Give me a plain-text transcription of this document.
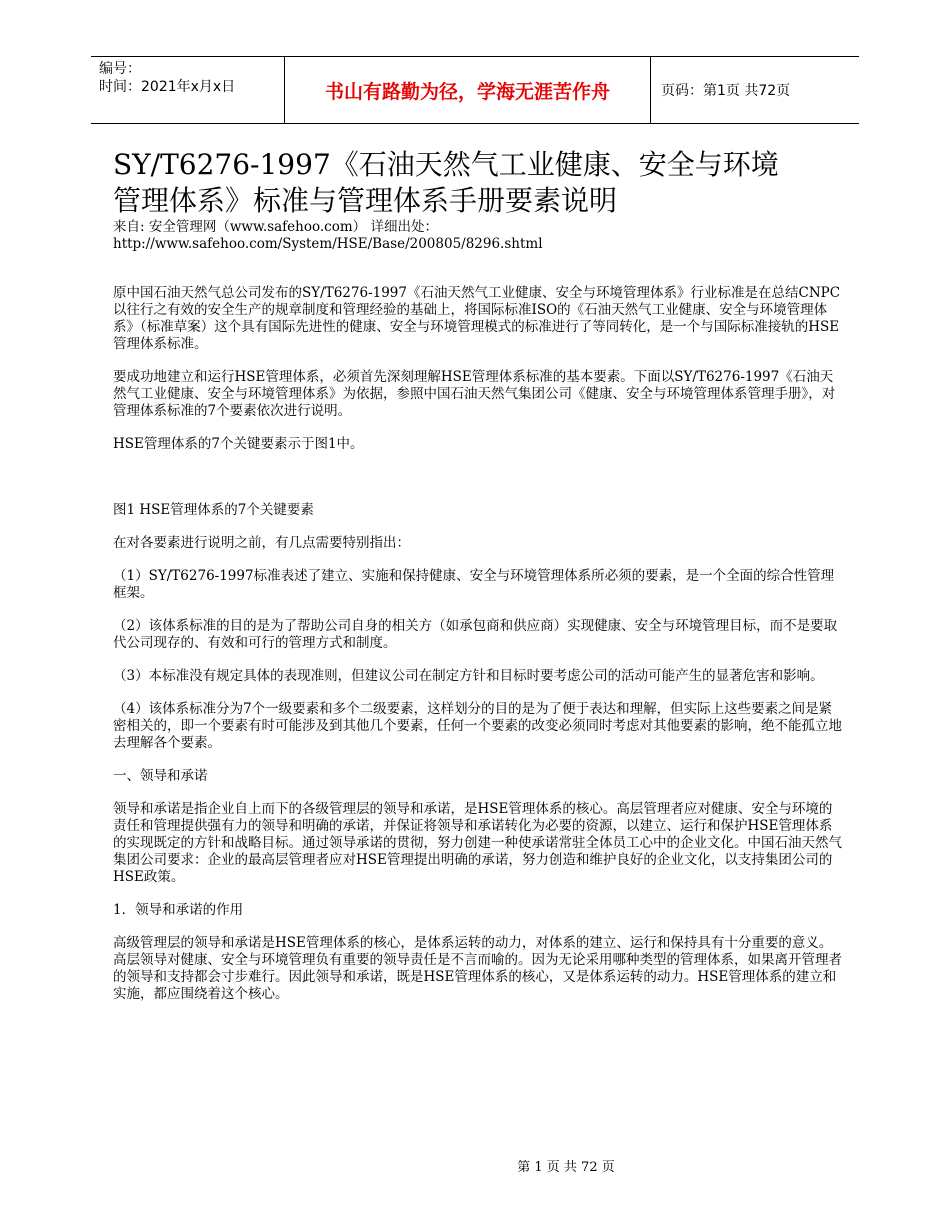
编号：
时间：2021年x月x日	书山有路勤为径，学海无涯苦作舟	页码：第1页 共72页
SY/T6276-1997《石油天然气工业健康、安全与环境
管理体系》标准与管理体系手册要素说明

来自: 安全管理网（www.safehoo.com） 详细出处：

http://www.safehoo.com/System/HSE/Base/200805/8296.shtml

原中国石油天然气总公司发布的SY/T6276-1997《石油天然气工业健康、安全与环境管理体系》行业标准是在总结CNPC以往行之有效的安全生产的规章制度和管理经验的基础上，将国际标准ISO的《石油天然气工业健康、安全与环境管理体系》（标准草案）这个具有国际先进性的健康、安全与环境管理模式的标准进行了等同转化，是一个与国际标准接轨的HSE管理体系标准。

要成功地建立和运行HSE管理体系，必须首先深刻理解HSE管理体系标准的基本要素。下面以SY/T6276-1997《石油天然气工业健康、安全与环境管理体系》为依据，参照中国石油天然气集团公司《健康、安全与环境管理体系管理手册》，对管理体系标准的7个要素依次进行说明。

HSE管理体系的7个关键要素示于图1中。

图1 HSE管理体系的7个关键要素

在对各要素进行说明之前，有几点需要特别指出：

（1）SY/T6276-1997标准表述了建立、实施和保持健康、安全与环境管理体系所必须的要素，是一个全面的综合性管理框架。

（2）该体系标准的目的是为了帮助公司自身的相关方（如承包商和供应商）实现健康、安全与环境管理目标，而不是要取代公司现存的、有效和可行的管理方式和制度。

（3）本标准没有规定具体的表现准则，但建议公司在制定方针和目标时要考虑公司的活动可能产生的显著危害和影响。

（4）该体系标准分为7个一级要素和多个二级要素，这样划分的目的是为了便于表达和理解，但实际上这些要素之间是紧密相关的，即一个要素有时可能涉及到其他几个要素，任何一个要素的改变必须同时考虑对其他要素的影响，绝不能孤立地去理解各个要素。

一、领导和承诺

领导和承诺是指企业自上而下的各级管理层的领导和承诺，是HSE管理体系的核心。高层管理者应对健康、安全与环境的责任和管理提供强有力的领导和明确的承诺，并保证将领导和承诺转化为必要的资源，以建立、运行和保护HSE管理体系的实现既定的方针和战略目标。通过领导承诺的贯彻，努力创建一种使承诺常驻全体员工心中的企业文化。中国石油天然气集团公司要求：企业的最高层管理者应对HSE管理提出明确的承诺，努力创造和维护良好的企业文化，以支持集团公司的HSE政策。

1．领导和承诺的作用

高级管理层的领导和承诺是HSE管理体系的核心，是体系运转的动力，对体系的建立、运行和保持具有十分重要的意义。高层领导对健康、安全与环境管理负有重要的领导责任是不言而喻的。因为无论采用哪种类型的管理体系，如果离开管理者的领导和支持都会寸步难行。因此领导和承诺，既是HSE管理体系的核心，又是体系运转的动力。HSE管理体系的建立和实施，都应围绕着这个核心。

第 1 页 共 72 页
